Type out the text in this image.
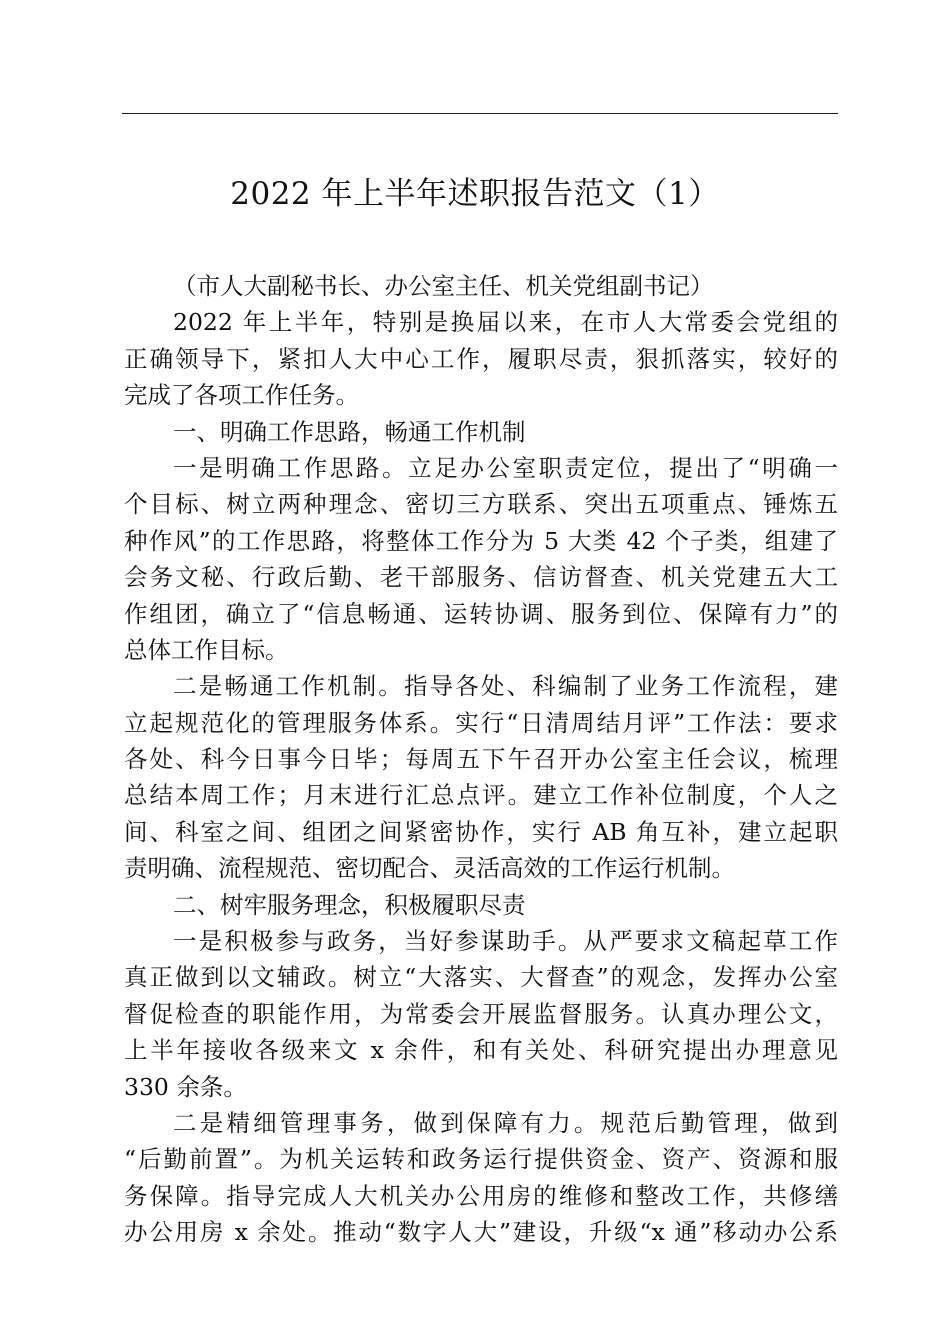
2022 年上半年述职报告范文（1）
（市人大副秘书长、办公室主任、机关党组副书记）
2022 年上半年，特别是换届以来，在市人大常委会党组的
正确领导下，紧扣人大中心工作，履职尽责，狠抓落实，较好的
完成了各项工作任务。
一、明确工作思路，畅通工作机制
一是明确工作思路。立足办公室职责定位，提出了“明确一
个目标、树立两种理念、密切三方联系、突出五项重点、锤炼五
种作风”的工作思路，将整体工作分为 5 大类 42 个子类，组建了
会务文秘、行政后勤、老干部服务、信访督查、机关党建五大工
作组团，确立了“信息畅通、运转协调、服务到位、保障有力”的
总体工作目标。
二是畅通工作机制。指导各处、科编制了业务工作流程，建
立起规范化的管理服务体系。实行“日清周结月评”工作法：要求
各处、科今日事今日毕；每周五下午召开办公室主任会议，梳理
总结本周工作；月末进行汇总点评。建立工作补位制度，个人之
间、科室之间、组团之间紧密协作，实行 AB 角互补，建立起职
责明确、流程规范、密切配合、灵活高效的工作运行机制。
二、树牢服务理念，积极履职尽责
一是积极参与政务，当好参谋助手。从严要求文稿起草工作
真正做到以文辅政。树立“大落实、大督查”的观念，发挥办公室
督促检查的职能作用，为常委会开展监督服务。认真办理公文，
上半年接收各级来文 x 余件，和有关处、科研究提出办理意见
330 余条。
二是精细管理事务，做到保障有力。规范后勤管理，做到
“后勤前置”。为机关运转和政务运行提供资金、资产、资源和服
务保障。指导完成人大机关办公用房的维修和整改工作，共修缮
办公用房 x 余处。推动“数字人大”建设，升级“x 通”移动办公系
